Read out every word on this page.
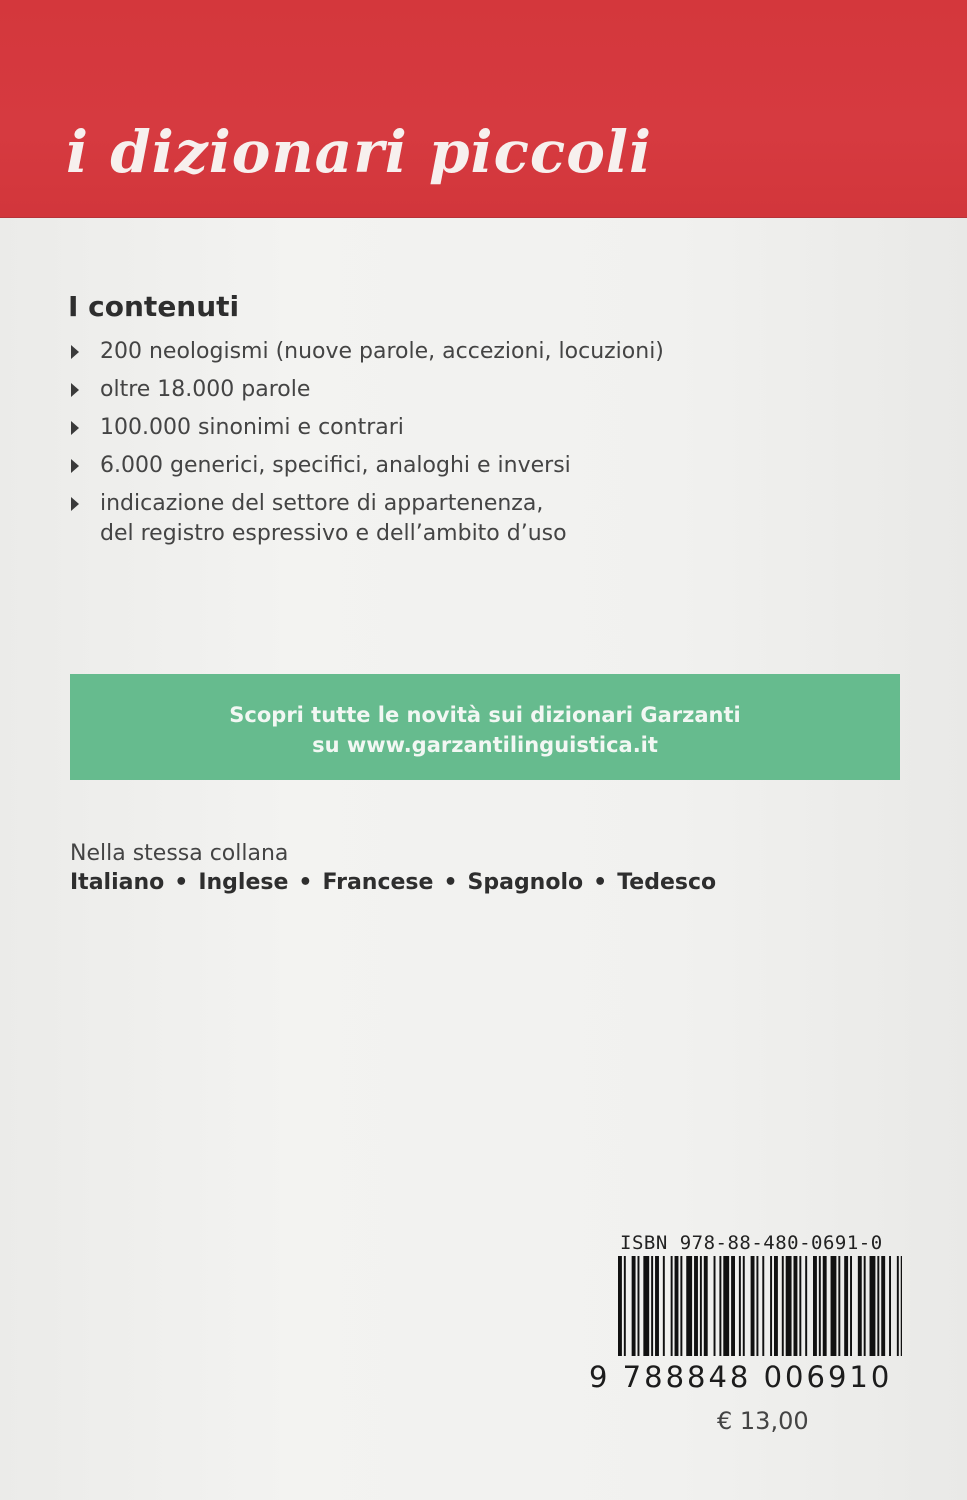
i dizionari piccoli
I contenuti
200 neologismi (nuove parole, accezioni, locuzioni)
oltre 18.000 parole
100.000 sinonimi e contrari
6.000 generici, specifici, analoghi e inversi
indicazione del settore di appartenenza,
del registro espressivo e dell’ambito d’uso
Scopri tutte le novità sui dizionari Garzanti
su www.garzantilinguistica.it
Nella stessa collana
Italiano • Inglese • Francese • Spagnolo • Tedesco
ISBN 978-88-480-0691-0
9 788848 006910
€ 13,00
